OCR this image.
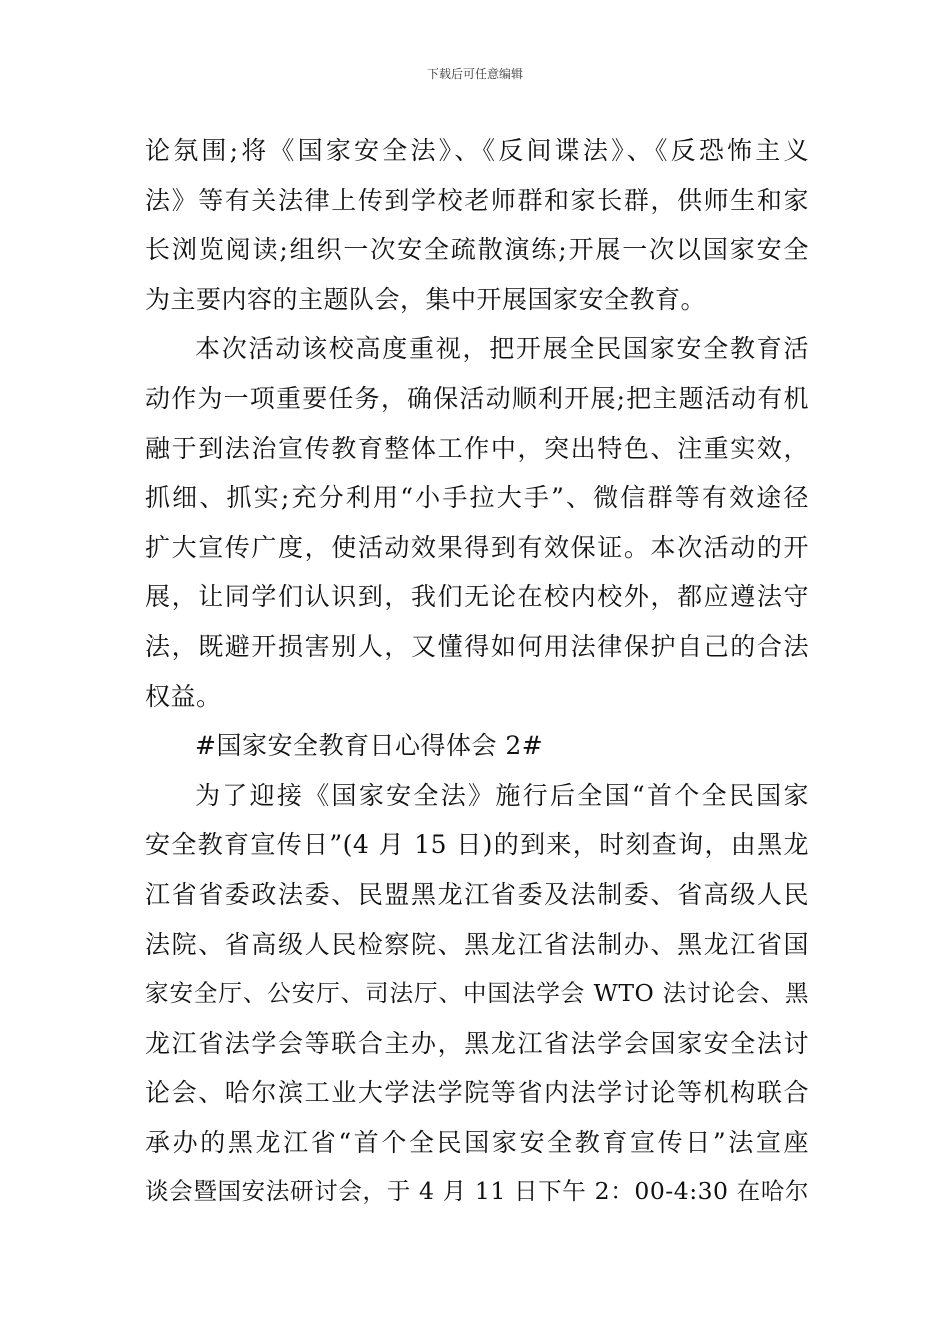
下载后可任意编辑
论氛围;将《国家安全法》、《反间谍法》、《反恐怖主义
法》等有关法律上传到学校老师群和家长群，供师生和家
长浏览阅读;组织一次安全疏散演练;开展一次以国家安全
为主要内容的主题队会，集中开展国家安全教育。
本次活动该校高度重视，把开展全民国家安全教育活
动作为一项重要任务，确保活动顺利开展;把主题活动有机
融于到法治宣传教育整体工作中，突出特色、注重实效，
抓细、抓实;充分利用“小手拉大手”、微信群等有效途径
扩大宣传广度，使活动效果得到有效保证。本次活动的开
展，让同学们认识到，我们无论在校内校外，都应遵法守
法，既避开损害别人，又懂得如何用法律保护自己的合法
权益。
#国家安全教育日心得体会 2#
为了迎接《国家安全法》施行后全国“首个全民国家
安全教育宣传日”(4 月 15 日)的到来，时刻查询，由黑龙
江省省委政法委、民盟黑龙江省委及法制委、省高级人民
法院、省高级人民检察院、黑龙江省法制办、黑龙江省国
家安全厅、公安厅、司法厅、中国法学会 WTO 法讨论会、黑
龙江省法学会等联合主办，黑龙江省法学会国家安全法讨
论会、哈尔滨工业大学法学院等省内法学讨论等机构联合
承办的黑龙江省“首个全民国家安全教育宣传日”法宣座
谈会暨国安法研讨会，于 4 月 11 日下午 2：00-4:30 在哈尔
